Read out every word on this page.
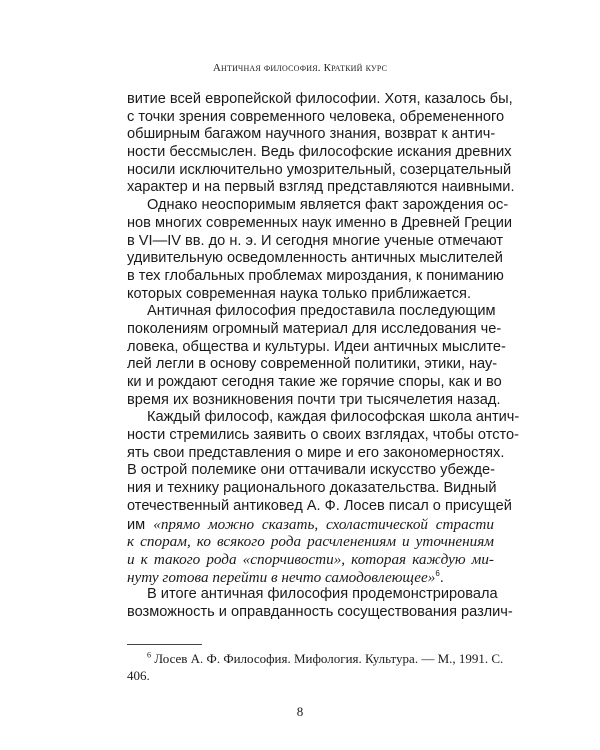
Античная философия. Краткий курс
витие всей европейской философии. Хотя, казалось бы,
с точки зрения современного человека, обремененного
обширным багажом научного знания, возврат к антич-
ности бессмыслен. Ведь философские искания древних
носили исключительно умозрительный, созерцательный
характер и на первый взгляд представляются наивными.
Однако неоспоримым является факт зарождения ос-
нов многих современных наук именно в Древней Греции
в VI—IV вв. до н. э. И сегодня многие ученые отмечают
удивительную осведомленность античных мыслителей
в тех глобальных проблемах мироздания, к пониманию
которых современная наука только приближается.
Античная философия предоставила последующим
поколениям огромный материал для исследования че-
ловека, общества и культуры. Идеи античных мыслите-
лей легли в основу современной политики, этики, нау-
ки и рождают сегодня такие же горячие споры, как и во
время их возникновения почти три тысячелетия назад.
Каждый философ, каждая философская школа антич-
ности стремились заявить о своих взглядах, чтобы отсто-
ять свои представления о мире и его закономерностях.
В острой полемике они оттачивали искусство убежде-
ния и технику рационального доказательства. Видный
отечественный антиковед А. Ф. Лосев писал о присущей
им «прямо можно сказать, схоластической страсти
к спорам, ко всякого рода расчленениям и уточнениям
и к такого рода «спорчивости», которая каждую ми-
нуту готова перейти в нечто самодовлеющее»$^6$.
В итоге античная философия продемонстрировала
возможность и оправданность сосуществования различ-
$^6$ Лосев А. Ф. Философия. Мифология. Культура. — М., 1991. С.
406.
8
